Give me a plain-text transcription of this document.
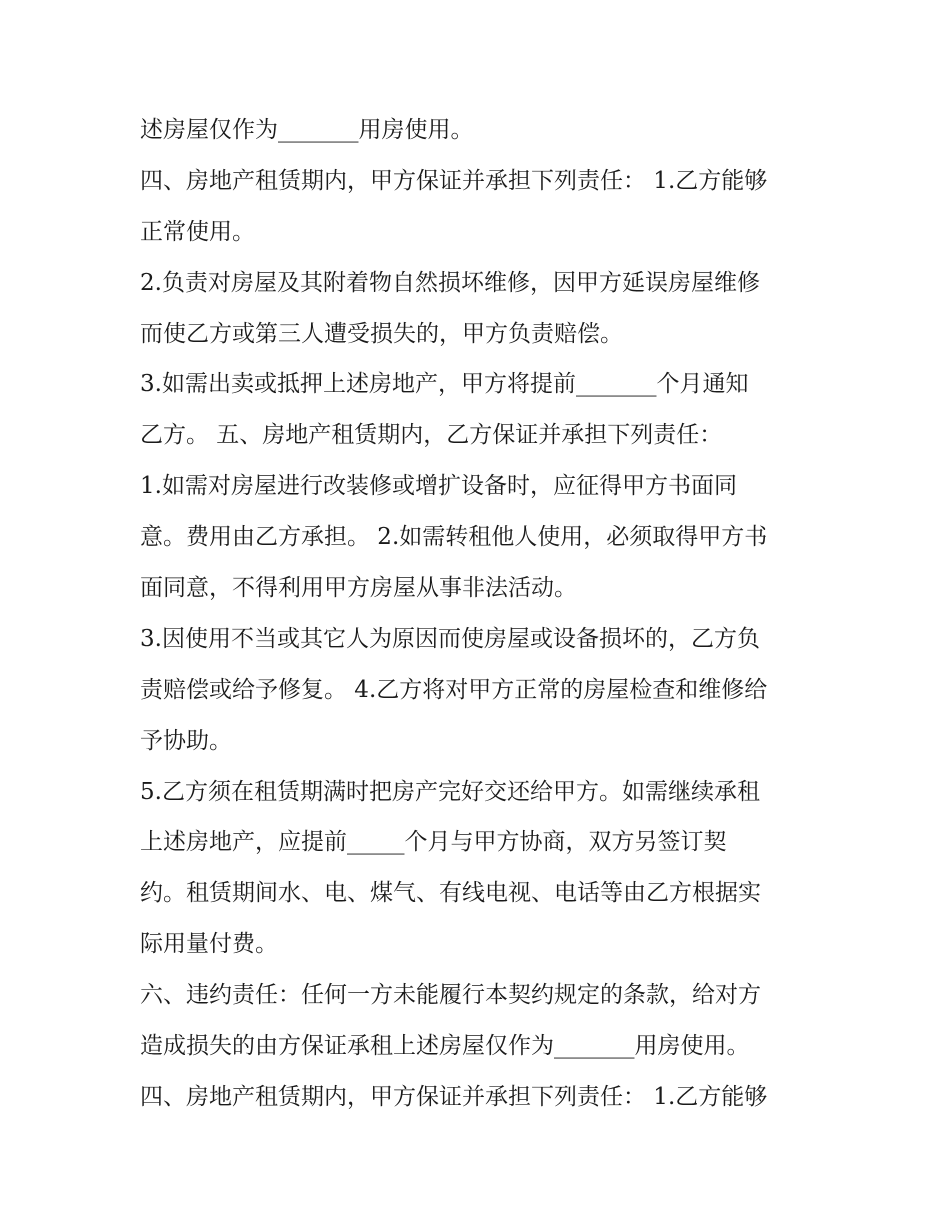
述房屋仅作为_______用房使用。
四、房地产租赁期内，甲方保证并承担下列责任： 1.乙方能够
正常使用。
2.负责对房屋及其附着物自然损坏维修，因甲方延误房屋维修
而使乙方或第三人遭受损失的，甲方负责赔偿。
3.如需出卖或抵押上述房地产，甲方将提前_______个月通知
乙方。 五、房地产租赁期内，乙方保证并承担下列责任：
1.如需对房屋进行改装修或增扩设备时，应征得甲方书面同
意。费用由乙方承担。 2.如需转租他人使用，必须取得甲方书
面同意，不得利用甲方房屋从事非法活动。
3.因使用不当或其它人为原因而使房屋或设备损坏的，乙方负
责赔偿或给予修复。 4.乙方将对甲方正常的房屋检查和维修给
予协助。
5.乙方须在租赁期满时把房产完好交还给甲方。如需继续承租
上述房地产，应提前_____个月与甲方协商，双方另签订契
约。租赁期间水、电、煤气、有线电视、电话等由乙方根据实
际用量付费。
六、违约责任：任何一方未能履行本契约规定的条款，给对方
造成损失的由方保证承租上述房屋仅作为_______用房使用。
四、房地产租赁期内，甲方保证并承担下列责任： 1.乙方能够
